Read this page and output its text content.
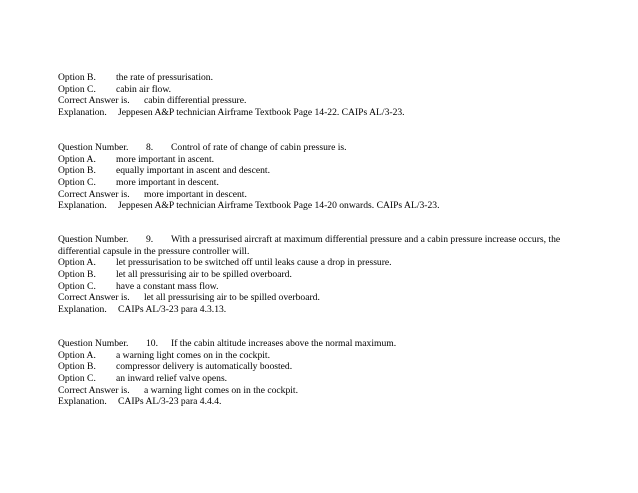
Option B. the rate of pressurisation.
Option C. cabin air flow.
Correct Answer is. cabin differential pressure.
Explanation. Jeppesen A&P technician Airframe Textbook Page 14-22. CAIPs AL/3-23.
Question Number. 8. Control of rate of change of cabin pressure is.
Option A. more important in ascent.
Option B. equally important in ascent and descent.
Option C. more important in descent.
Correct Answer is. more important in descent.
Explanation. Jeppesen A&P technician Airframe Textbook Page 14-20 onwards. CAIPs AL/3-23.
Question Number. 9. With a pressurised aircraft at maximum differential pressure and a cabin pressure increase occurs, the
differential capsule in the pressure controller will.
Option A. let pressurisation to be switched off until leaks cause a drop in pressure.
Option B. let all pressurising air to be spilled overboard.
Option C. have a constant mass flow.
Correct Answer is. let all pressurising air to be spilled overboard.
Explanation. CAIPs AL/3-23 para 4.3.13.
Question Number. 10. If the cabin altitude increases above the normal maximum.
Option A. a warning light comes on in the cockpit.
Option B. compressor delivery is automatically boosted.
Option C. an inward relief valve opens.
Correct Answer is. a warning light comes on in the cockpit.
Explanation. CAIPs AL/3-23 para 4.4.4.
